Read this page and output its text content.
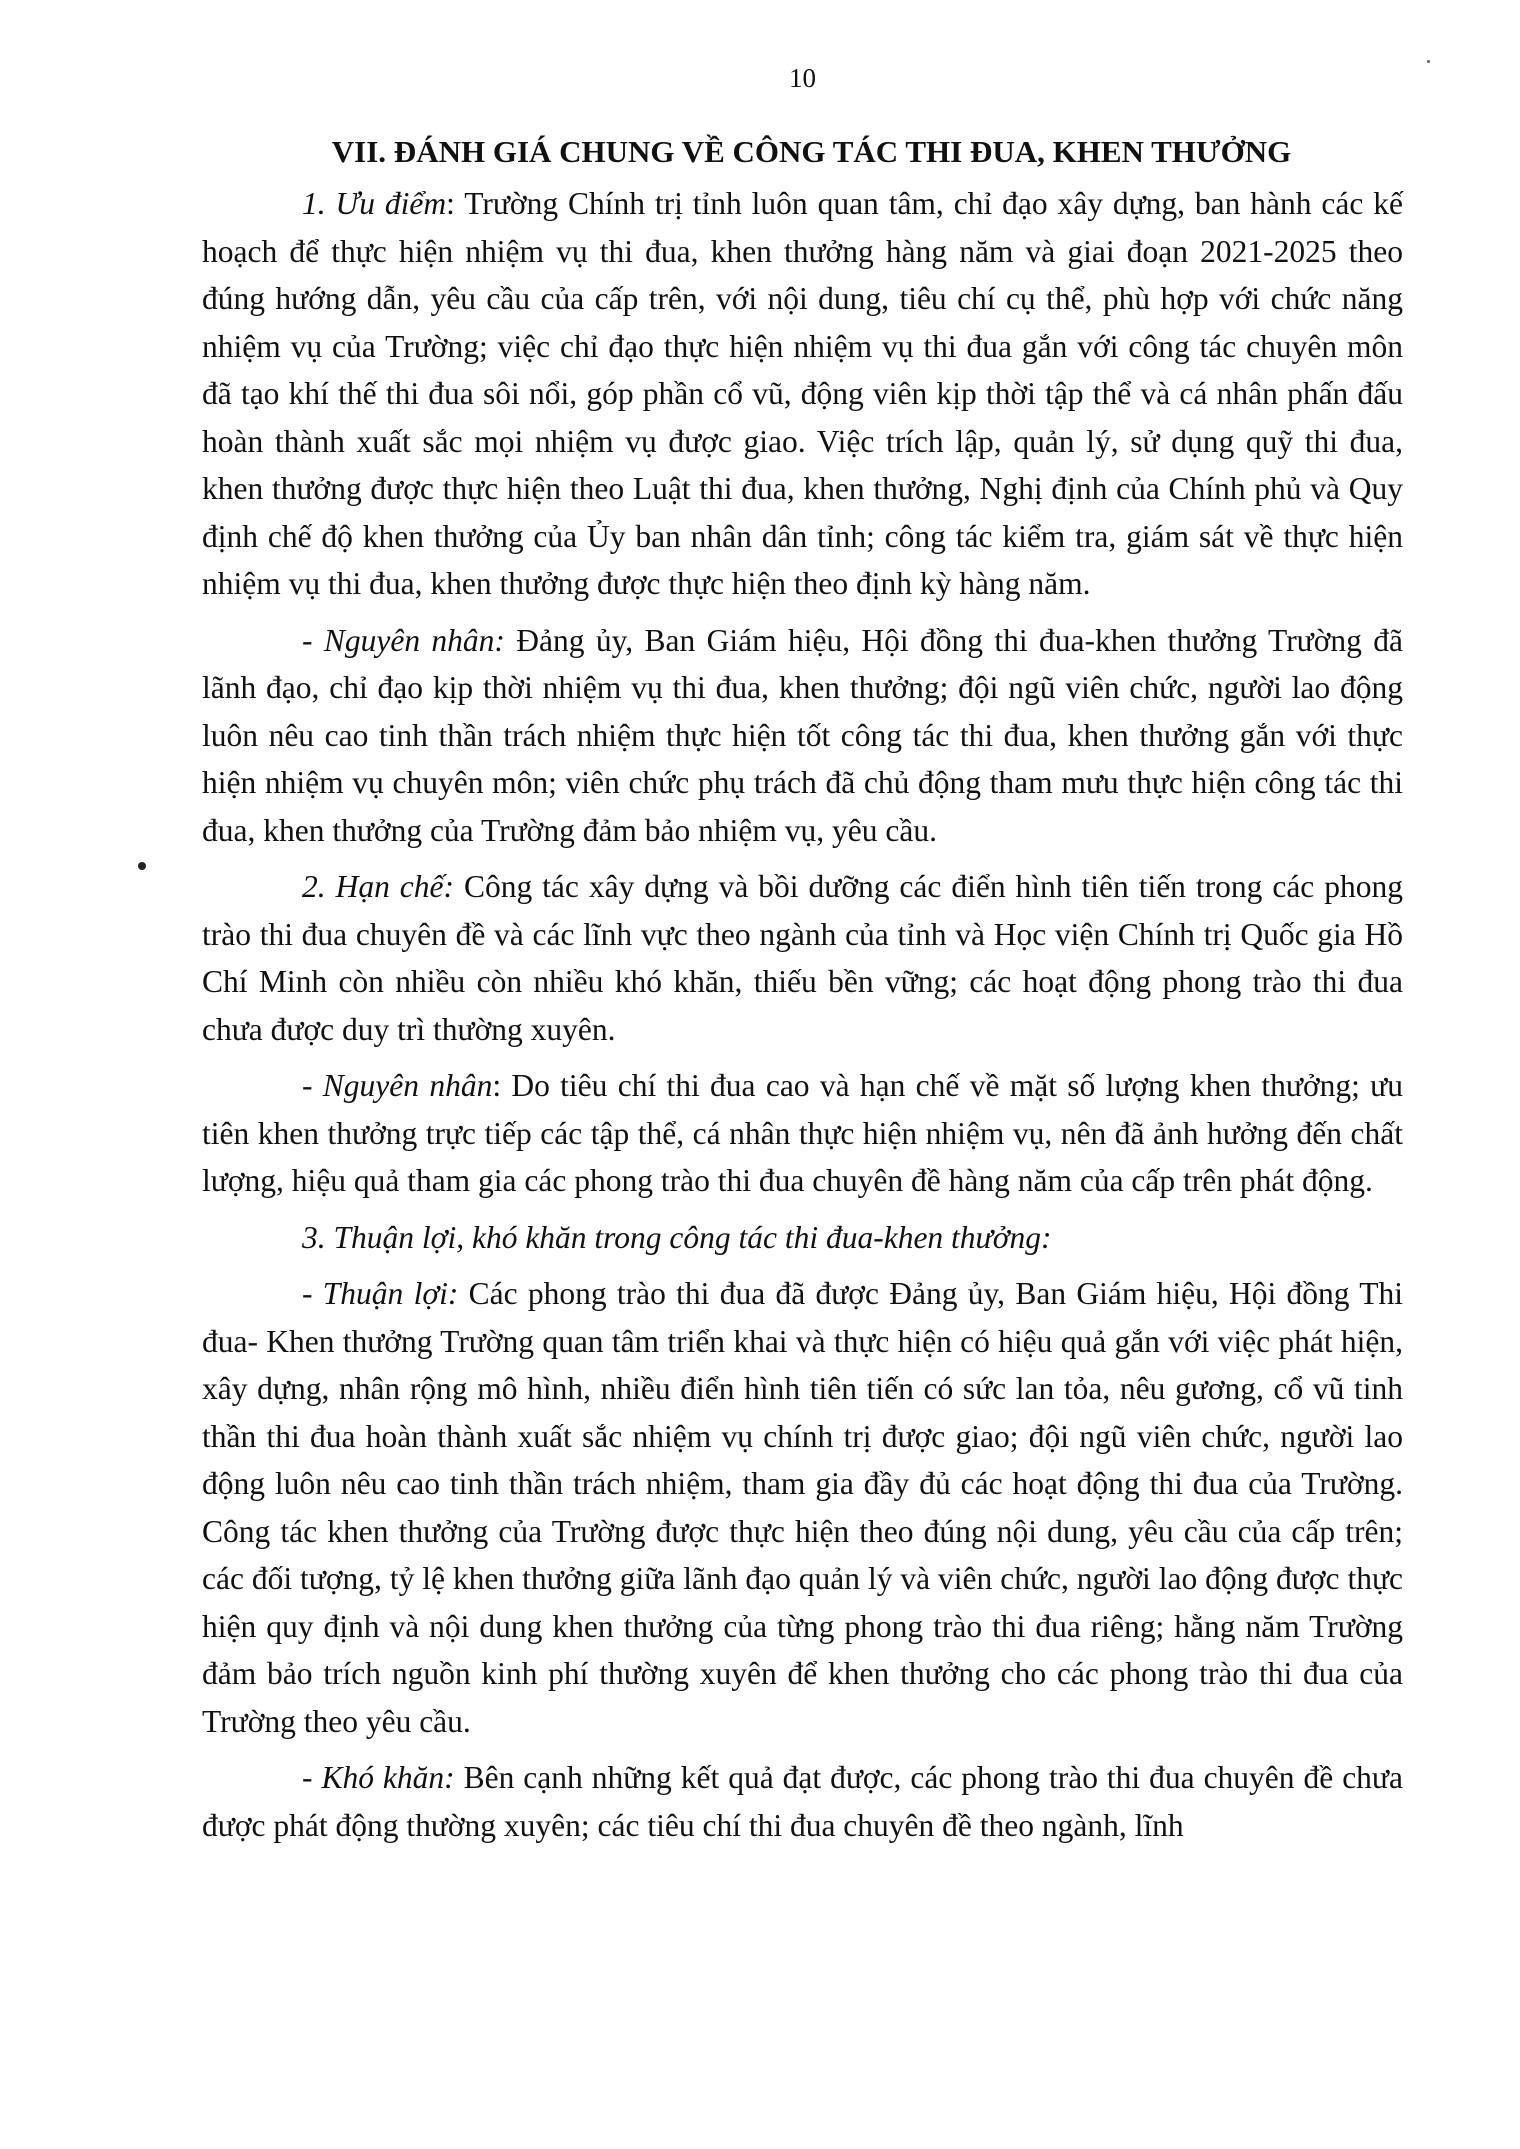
10
VII. ĐÁNH GIÁ CHUNG VỀ CÔNG TÁC THI ĐUA, KHEN THƯỞNG

1. Ưu điểm: Trường Chính trị tỉnh luôn quan tâm, chỉ đạo xây dựng, ban hành các kế hoạch để thực hiện nhiệm vụ thi đua, khen thưởng hàng năm và giai đoạn 2021-2025 theo đúng hướng dẫn, yêu cầu của cấp trên, với nội dung, tiêu chí cụ thể, phù hợp với chức năng nhiệm vụ của Trường; việc chỉ đạo thực hiện nhiệm vụ thi đua gắn với công tác chuyên môn đã tạo khí thế thi đua sôi nổi, góp phần cổ vũ, động viên kịp thời tập thể và cá nhân phấn đấu hoàn thành xuất sắc mọi nhiệm vụ được giao. Việc trích lập, quản lý, sử dụng quỹ thi đua, khen thưởng được thực hiện theo Luật thi đua, khen thưởng, Nghị định của Chính phủ và Quy định chế độ khen thưởng của Ủy ban nhân dân tỉnh; công tác kiểm tra, giám sát về thực hiện nhiệm vụ thi đua, khen thưởng được thực hiện theo định kỳ hàng năm.

- Nguyên nhân: Đảng ủy, Ban Giám hiệu, Hội đồng thi đua-khen thưởng Trường đã lãnh đạo, chỉ đạo kịp thời nhiệm vụ thi đua, khen thưởng; đội ngũ viên chức, người lao động luôn nêu cao tinh thần trách nhiệm thực hiện tốt công tác thi đua, khen thưởng gắn với thực hiện nhiệm vụ chuyên môn; viên chức phụ trách đã chủ động tham mưu thực hiện công tác thi đua, khen thưởng của Trường đảm bảo nhiệm vụ, yêu cầu.

2. Hạn chế: Công tác xây dựng và bồi dưỡng các điển hình tiên tiến trong các phong trào thi đua chuyên đề và các lĩnh vực theo ngành của tỉnh và Học viện Chính trị Quốc gia Hồ Chí Minh còn nhiều còn nhiều khó khăn, thiếu bền vững; các hoạt động phong trào thi đua chưa được duy trì thường xuyên.

- Nguyên nhân: Do tiêu chí thi đua cao và hạn chế về mặt số lượng khen thưởng; ưu tiên khen thưởng trực tiếp các tập thể, cá nhân thực hiện nhiệm vụ, nên đã ảnh hưởng đến chất lượng, hiệu quả tham gia các phong trào thi đua chuyên đề hàng năm của cấp trên phát động.

3. Thuận lợi, khó khăn trong công tác thi đua-khen thưởng:

- Thuận lợi: Các phong trào thi đua đã được Đảng ủy, Ban Giám hiệu, Hội đồng Thi đua- Khen thưởng Trường quan tâm triển khai và thực hiện có hiệu quả gắn với việc phát hiện, xây dựng, nhân rộng mô hình, nhiều điển hình tiên tiến có sức lan tỏa, nêu gương, cổ vũ tinh thần thi đua hoàn thành xuất sắc nhiệm vụ chính trị được giao; đội ngũ viên chức, người lao động luôn nêu cao tinh thần trách nhiệm, tham gia đầy đủ các hoạt động thi đua của Trường. Công tác khen thưởng của Trường được thực hiện theo đúng nội dung, yêu cầu của cấp trên; các đối tượng, tỷ lệ khen thưởng giữa lãnh đạo quản lý và viên chức, người lao động được thực hiện quy định và nội dung khen thưởng của từng phong trào thi đua riêng; hằng năm Trường đảm bảo trích nguồn kinh phí thường xuyên để khen thưởng cho các phong trào thi đua của Trường theo yêu cầu.

- Khó khăn: Bên cạnh những kết quả đạt được, các phong trào thi đua chuyên đề chưa được phát động thường xuyên; các tiêu chí thi đua chuyên đề theo ngành, lĩnh
